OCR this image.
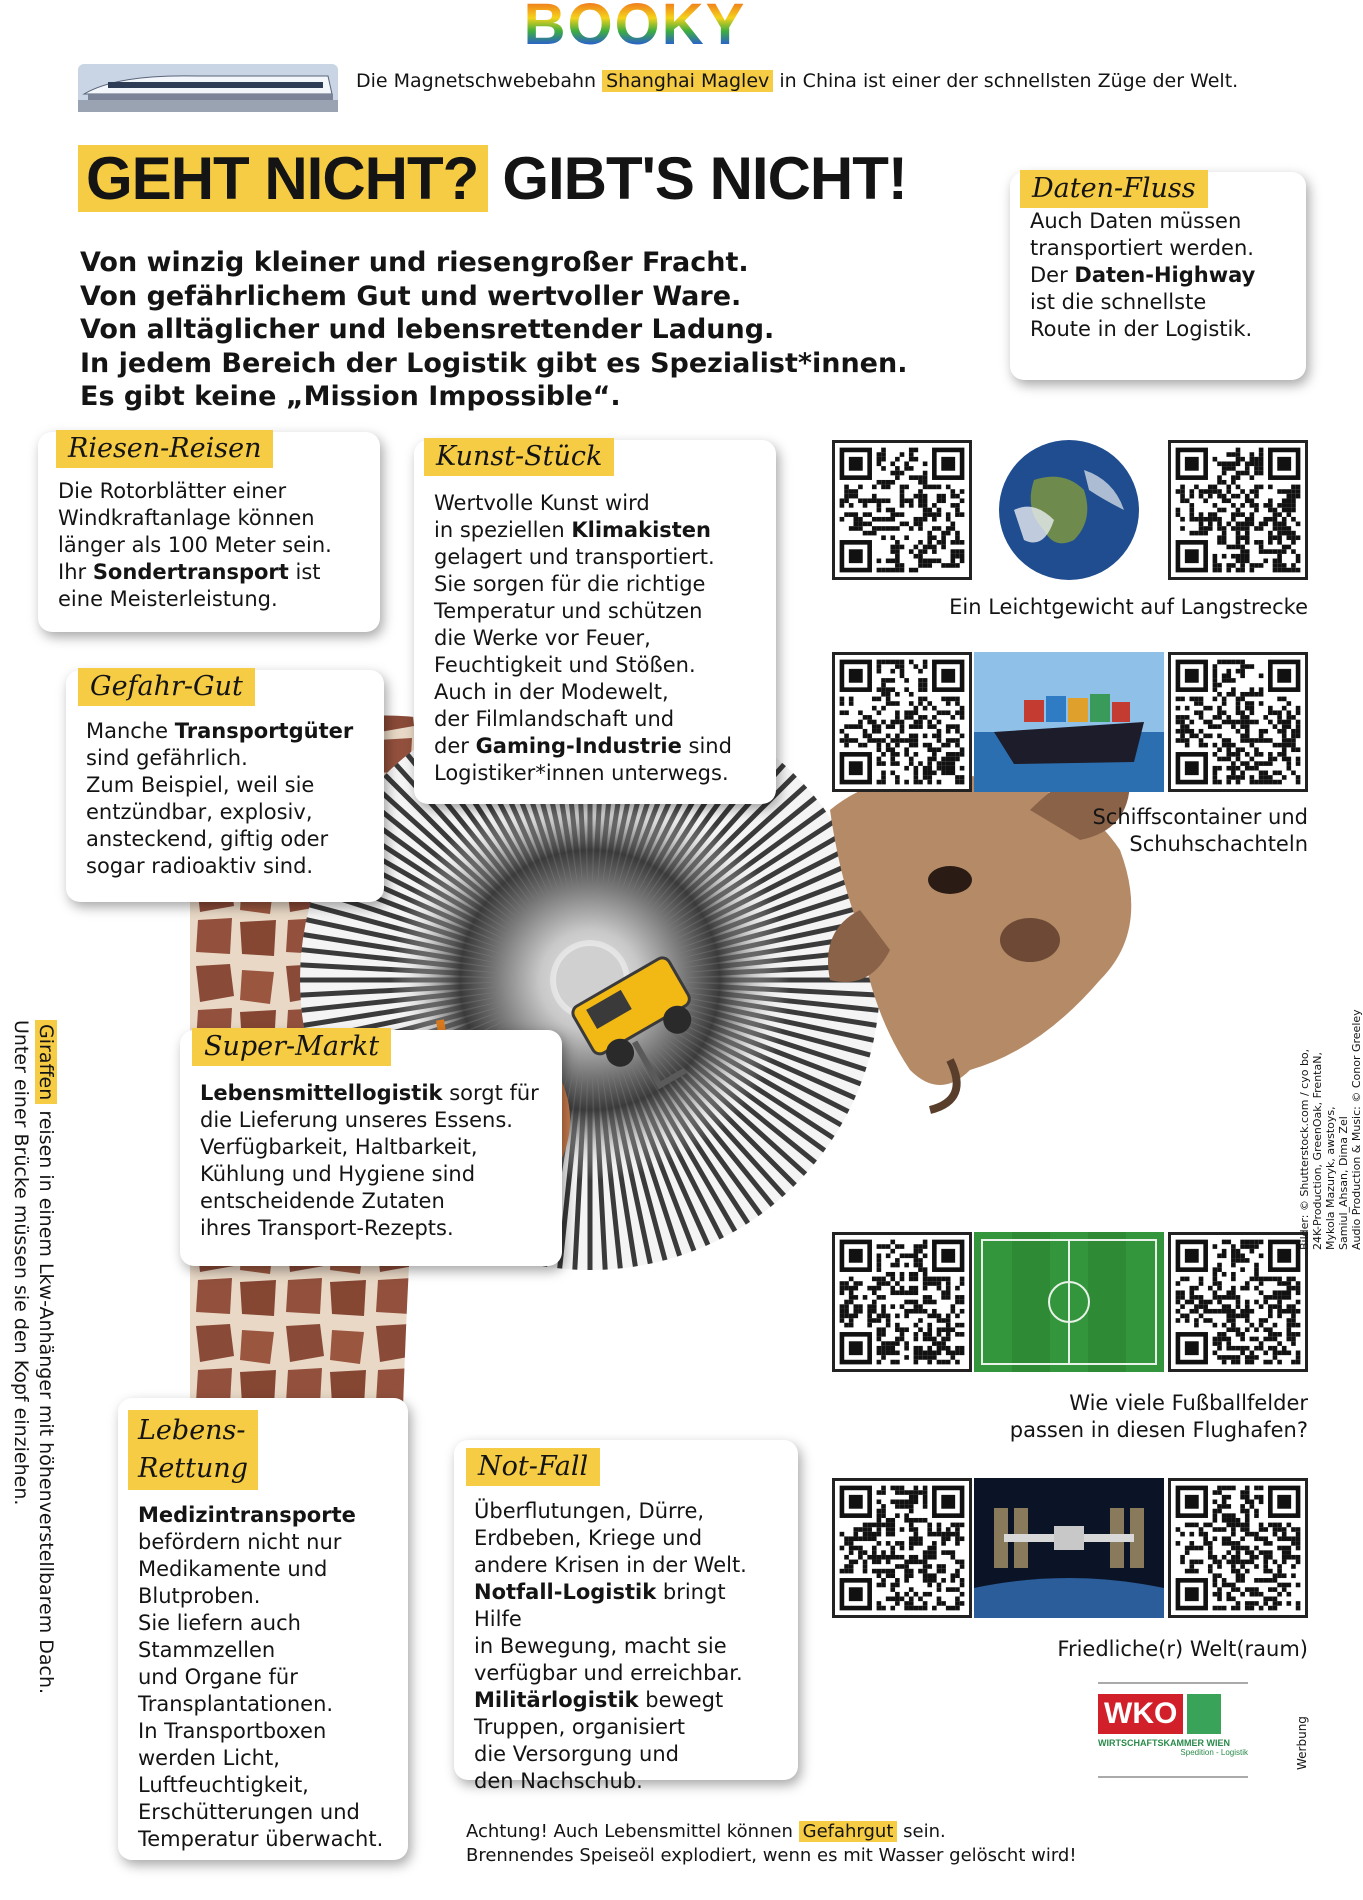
BOOKY
Die Magnetschwebebahn Shanghai Maglev in China ist einer der schnellsten Züge der Welt.
GEHT NICHT? GIBT'S NICHT!
Von winzig kleiner und riesengroßer Fracht.
Von gefährlichem Gut und wertvoller Ware.
Von alltäglicher und lebensrettender Ladung.
In jedem Bereich der Logistik gibt es Spezialist*innen.
Es gibt keine „Mission Impossible“.
Daten-Fluss

Auch Daten müssen
transportiert werden.
Der Daten-Highway
ist die schnellste
Route in der Logistik.

Riesen-Reisen

Die Rotorblätter einer
Windkraftanlage können
länger als 100 Meter sein.
Ihr Sondertransport ist
eine Meisterleistung.

Kunst-Stück

Wertvolle Kunst wird
in speziellen Klimakisten
gelagert und transportiert.
Sie sorgen für die richtige
Temperatur und schützen
die Werke vor Feuer,
Feuchtigkeit und Stößen.
Auch in der Modewelt,
der Filmlandschaft und
der Gaming-Industrie sind
Logistiker*innen unterwegs.

Gefahr-Gut

Manche Transportgüter
sind gefährlich.
Zum Beispiel, weil sie
entzündbar, explosiv,
ansteckend, giftig oder
sogar radioaktiv sind.

Super-Markt

Lebensmittellogistik sorgt für
die Lieferung unseres Essens.
Verfügbarkeit, Haltbarkeit,
Kühlung und Hygiene sind
entscheidende Zutaten
ihres Transport-Rezepts.

Lebens-
Rettung

Medizintransporte
befördern nicht nur
Medikamente und
Blutproben.
Sie liefern auch
Stammzellen
und Organe für
Transplantationen.
In Transportboxen
werden Licht,
Luftfeuchtigkeit,
Erschütterungen und
Temperatur überwacht.

Not-Fall

Überflutungen, Dürre,
Erdbeben, Kriege und
andere Krisen in der Welt.
Notfall-Logistik bringt Hilfe
in Bewegung, macht sie
verfügbar und erreichbar.
Militärlogistik bewegt
Truppen, organisiert
die Versorgung und
den Nachschub.

Ein Leichtgewicht auf Langstrecke
Schiffscontainer und
Schuhschachteln
Wie viele Fußballfelder
passen in diesen Flughafen?
Friedliche(r) Welt(raum)
Giraffen reisen in einem Lkw-Anhänger mit höhenverstellbarem Dach.
Unter einer Brücke müssen sie den Kopf einziehen.	Bilder: © Shutterstock.com / cyo bo, 24K-Production, GreenOak, FrentaN, Mykola Mazuryk, awstoys, Samiul_Ahsan, Dima Zel Audio Production & Music: © Conor Greeley
WKO
WIRTSCHAFTSKAMMER WIEN
Spedition - Logistik	Werbung
Achtung! Auch Lebensmittel können Gefahrgut sein.
Brennendes Speiseöl explodiert, wenn es mit Wasser gelöscht wird!
